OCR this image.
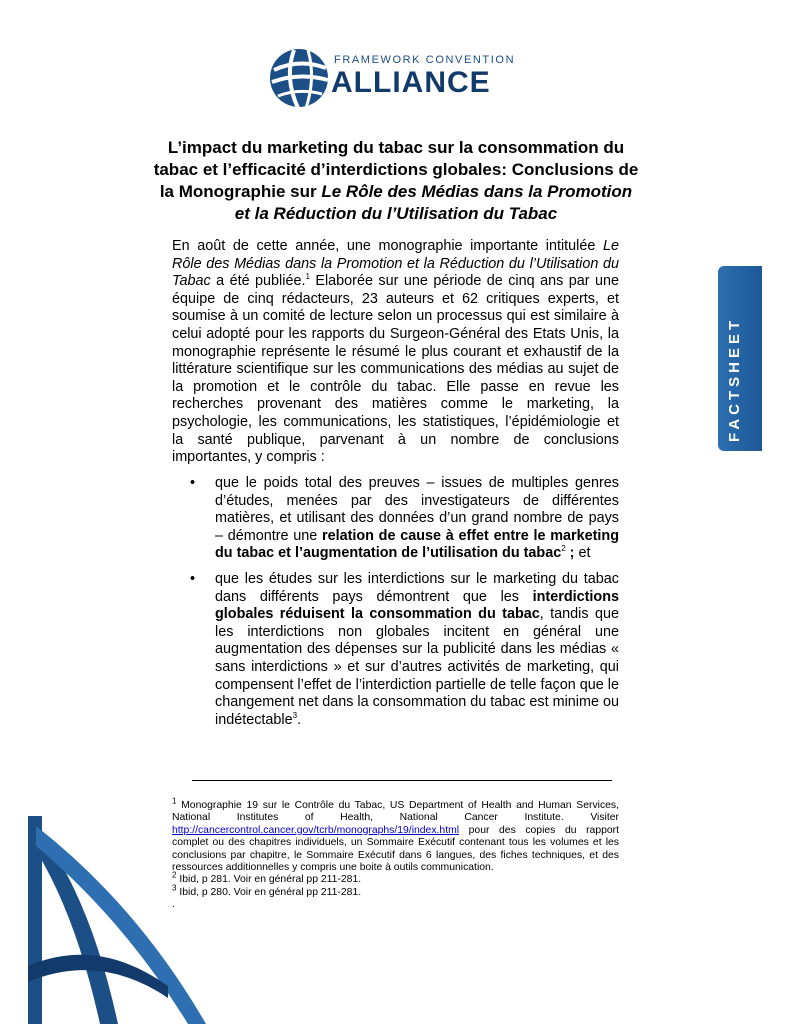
FRAMEWORK CONVENTION
ALLIANCE
FACTSHEET
L’impact du marketing du tabac sur la consommation du tabac et l’efficacité d’interdictions globales: Conclusions de la Monographie sur Le Rôle des Médias dans la Promotion et la Réduction du l’Utilisation du Tabac
En août de cette année, une monographie importante intitulée Le Rôle des Médias dans la Promotion et la Réduction du l’Utilisation du Tabac a été publiée.$^1$ Elaborée sur une période de cinq ans par une équipe de cinq rédacteurs, 23 auteurs et 62 critiques experts, et soumise à un comité de lecture selon un processus qui est similaire à celui adopté pour les rapports du Surgeon-Général des Etats Unis, la monographie représente le résumé le plus courant et exhaustif de la littérature scientifique sur les communications des médias au sujet de la promotion et le contrôle du tabac. Elle passe en revue les recherches provenant des matières comme le marketing, la psychologie, les communications, les statistiques, l’épidémiologie et la santé publique, parvenant à un nombre de conclusions importantes, y compris :
• que le poids total des preuves – issues de multiples genres d’études, menées par des investigateurs de différentes matières, et utilisant des données d’un grand nombre de pays – démontre une relation de cause à effet entre le marketing du tabac et l’augmentation de l’utilisation du tabac$^2$ ; et
• que les études sur les interdictions sur le marketing du tabac dans différents pays démontrent que les interdictions globales réduisent la consommation du tabac, tandis que les interdictions non globales incitent en général une augmentation des dépenses sur la publicité dans les médias « sans interdictions » et sur d’autres activités de marketing, qui compensent l’effet de l’interdiction partielle de telle façon que le changement net dans la consommation du tabac est minime ou indétectable$^3$.
$^1$ Monographie 19 sur le Contrôle du Tabac, US Department of Health and Human Services, National Institutes of Health, National Cancer Institute. Visiter http://cancercontrol.cancer.gov/tcrb/monographs/19/index.html pour des copies du rapport complet ou des chapitres individuels, un Sommaire Exécutif contenant tous les volumes et les conclusions par chapitre, le Sommaire Exécutif dans 6 langues, des fiches techniques, et des ressources additionnelles y compris une boite à outils communication.
$^2$ Ibid, p 281. Voir en général pp 211-281.
$^3$ Ibid, p 280. Voir en général pp 211-281.
.
